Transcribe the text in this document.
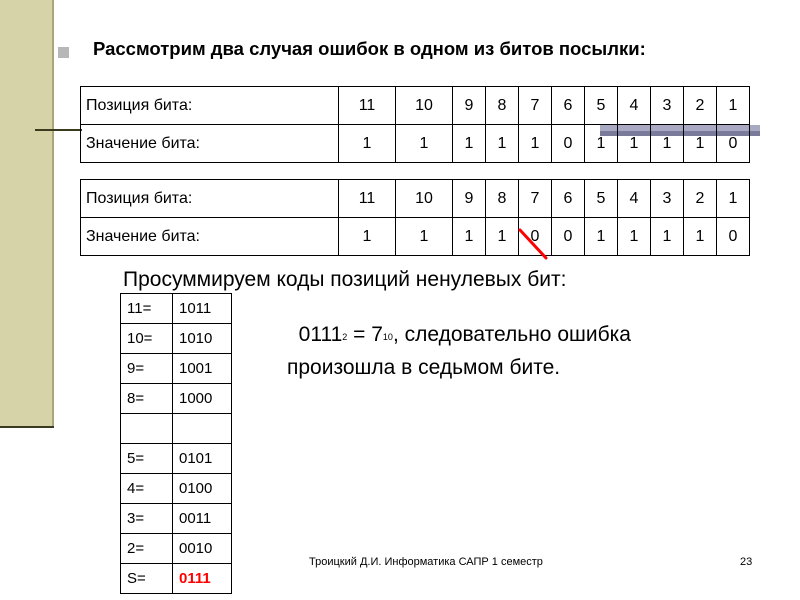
Рассмотрим два случая ошибок в одном из битов посылки:
Позиция бита:	11	10	9	8	7	6	5	4	3	2	1
Значение бита:	1	1	1	1	1	0	1	1	1	1	0
Позиция бита:	11	10	9	8	7	6	5	4	3	2	1
Значение бита:	1	1	1	1	0	0	1	1	1	1	0
Просуммируем коды позиций ненулевых бит:
11=	1011
10=	1010
9=	1001
8=	1000

5=	0101
4=	0100
3=	0011
2=	0010
S=	0111
$0111_2 = 7_{10}$, следовательно ошибка произошла в седьмом бите.
Троицкий Д.И. Информатика САПР 1 семестр	23
